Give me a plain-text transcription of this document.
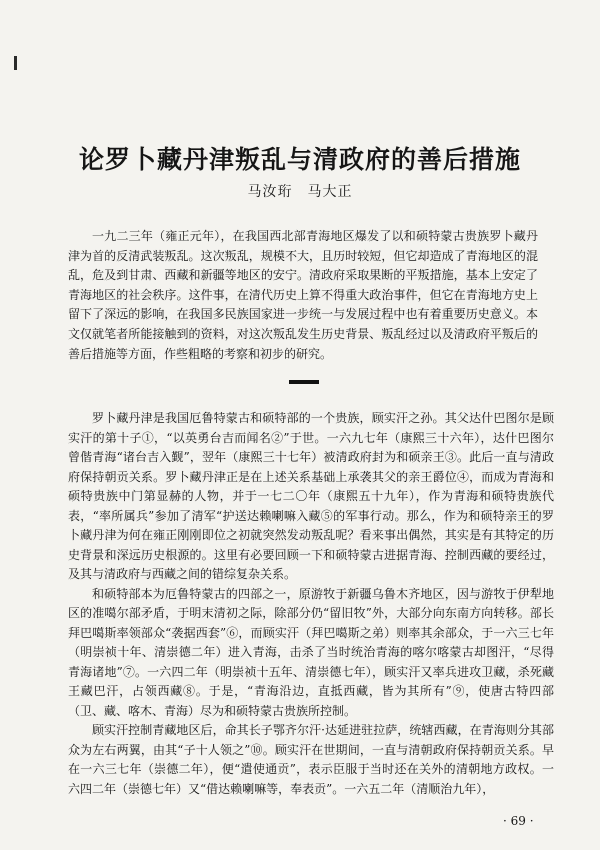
论罗卜藏丹津叛乱与清政府的善后措施
马汝珩　马大正

一九二三年（雍正元年），在我国西北部青海地区爆发了以和硕特蒙古贵族罗卜藏丹津为首的反清武装叛乱。这次叛乱，规模不大，且历时较短，但它却造成了青海地区的混乱，危及到甘肃、西藏和新疆等地区的安宁。清政府采取果断的平叛措施，基本上安定了青海地区的社会秩序。这件事，在清代历史上算不得重大政治事件，但它在青海地方史上留下了深远的影响，在我国多民族国家进一步统一与发展过程中也有着重要历史意义。本文仅就笔者所能接触到的资料，对这次叛乱发生历史背景、叛乱经过以及清政府平叛后的善后措施等方面，作些粗略的考察和初步的研究。

罗卜藏丹津是我国厄鲁特蒙古和硕特部的一个贵族，顾实汗之孙。其父达什巴图尔是顾实汗的第十子①，“以英勇台吉而闻名②”于世。一六九七年（康熙三十六年），达什巴图尔曾偕青海“诸台吉入觐”，翌年（康熙三十七年）被清政府封为和硕亲王③。此后一直与清政府保持朝贡关系。罗卜藏丹津正是在上述关系基础上承袭其父的亲王爵位④，而成为青海和硕特贵族中门第显赫的人物，并于一七二〇年（康熙五十九年），作为青海和硕特贵族代表，“率所属兵”参加了清军“护送达赖喇嘛入藏⑤的军事行动。那么，作为和硕特亲王的罗卜藏丹津为何在雍正刚刚即位之初就突然发动叛乱呢？看来事出偶然，其实是有其特定的历史背景和深远历史根源的。这里有必要回顾一下和硕特蒙古进据青海、控制西藏的要经过，及其与清政府与西藏之间的错综复杂关系。

和硕特部本为厄鲁特蒙古的四部之一，原游牧于新疆乌鲁木齐地区，因与游牧于伊犁地区的准噶尔部矛盾，于明末清初之际，除部分仍“留旧牧”外，大部分向东南方向转移。部长拜巴噶斯率领部众“袭据西套”⑥，而顾实汗（拜巴噶斯之弟）则率其余部众，于一六三七年（明崇祯十年、清崇德二年）进入青海，击杀了当时统治青海的喀尔喀蒙古却图汗，“尽得青海诸地”⑦。一六四二年（明崇祯十五年、清崇德七年），顾实汗又率兵进攻卫藏，杀死藏王藏巴汗，占领西藏⑧。于是，“青海沿边，直抵西藏，皆为其所有”⑨，使唐古特四部（卫、藏、喀木、青海）尽为和硕特蒙古贵族所控制。

顾实汗控制青藏地区后，命其长子鄂齐尔汗·达延进驻拉萨，统辖西藏，在青海则分其部众为左右两翼，由其“子十人领之”⑩。顾实汗在世期间，一直与清朝政府保持朝贡关系。早在一六三七年（崇德二年），便“遣使通贡”，表示臣服于当时还在关外的清朝地方政权。一六四二年（崇德七年）又“借达赖喇嘛等，奉表贡”。一六五二年（清顺治九年），

· 69 ·
